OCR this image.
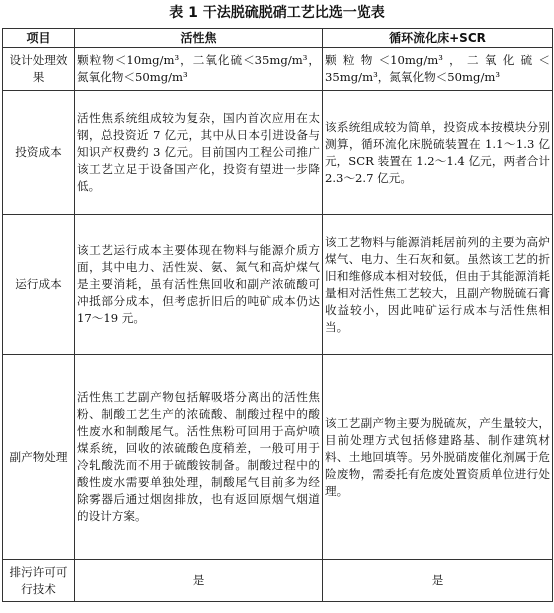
表 1 干法脱硫脱硝工艺比选一览表
项目	活性焦	循环流化床+SCR
设计处理效果	颗粒物＜10mg/m³，二氧化硫＜35mg/m³，氮氧化物＜50mg/m³	颗粒物＜10mg/m³，二氧化硫＜35mg/m³，氮氧化物＜50mg/m³
投资成本	活性焦系统组成较为复杂，国内首次应用在太钢，总投资近 7 亿元，其中从日本引进设备与知识产权费约 3 亿元。目前国内工程公司推广该工艺立足于设备国产化，投资有望进一步降低。	该系统组成较为简单，投资成本按模块分别测算，循环流化床脱硫装置在 1.1～1.3 亿元，SCR 装置在 1.2～1.4 亿元，两者合计 2.3～2.7 亿元。
运行成本	该工艺运行成本主要体现在物料与能源介质方面，其中电力、活性炭、氨、氮气和高炉煤气是主要消耗，虽有活性焦回收和副产浓硫酸可冲抵部分成本，但考虑折旧后的吨矿成本仍达 17～19 元。	该工艺物料与能源消耗居前列的主要为高炉煤气、电力、生石灰和氨。虽然该工艺的折旧和维修成本相对较低，但由于其能源消耗量相对活性焦工艺较大，且副产物脱硫石膏收益较小，因此吨矿运行成本与活性焦相当。
副产物处理	活性焦工艺副产物包括解吸塔分离出的活性焦粉、制酸工艺生产的浓硫酸、制酸过程中的酸性废水和制酸尾气。活性焦粉可回用于高炉喷煤系统，回收的浓硫酸色度稍差，一般可用于冷轧酸洗而不用于硫酸铵制备。制酸过程中的酸性废水需要单独处理，制酸尾气目前多为经除雾器后通过烟囱排放，也有返回原烟气烟道的设计方案。	该工艺副产物主要为脱硫灰，产生量较大，目前处理方式包括修建路基、制作建筑材料、土地回填等。另外脱硝废催化剂属于危险废物，需委托有危废处置资质单位进行处理。
排污许可可行技术	是	是
